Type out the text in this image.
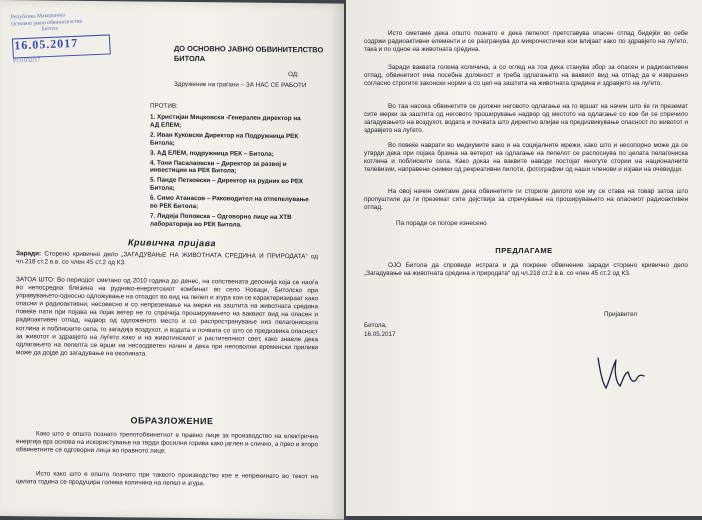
Република Македонија
Основно јавно обвинителство
Битола
16.05.2017
РО1032/17
ДО ОСНОВНО ЈАВНО ОБВИНИТЕЛСТВО
БИТОЛА
ОД:
Здружение на граѓани – ЗА НАС СЕ РАБОТИ
ПРОТИВ:
1. Христијан Мицковски -Генерален директор на АД ЕЛЕМ;
2. Иван Куковски Директор на Подружница РЕК Битола;
3. АД ЕЛЕМ, подружница РЕК – Битола;
4. Тони Пасалаовски – Директор за развој и инвестиции на РЕК Битола;
5. Панде Петковски – Директор на рудник во РЕК Битола;
6. Симо Атанасов – Раководител на отпепелување во РЕК Битола;
7. Лидија Поповска – Одговорно лице на ХТВ лабораторија во РЕК Битола.
Кривична пријава
Заради: Сторено кривично дело „ЗАГАДУВАЊЕ НА ЖИВОТНАТА СРЕДИНА И ПРИРОДАТА“ од чл.218 ст.2 в.в. со член 45 ст.2 од КЗ.
ЗАТОА ШТО: Во периодот сметано од 2010 година до денес, на сопствената депонија која се наоѓа во непосредна близина на руднико-енергетскиот комбинат во село Новаци, Битолско при управувањето-односно одложување на отпадот во вид на пепел и згура кои се карактеризираат како опасни и радиоактивни, несовесно и со непреземање на мерки на заштита на животната средина повеќе пати при појава на појак ветер не го спречија проширувањето на ваквиот вид на опасен и радиоактивен отпад, надвор од одложеното место и со распространување низ пелагониската котлина и поблиските села, го загадија воздухот, и водата и почвата со што се предизвика опасност за животот и здравјето на луѓето како и на животинскиот и растителниот свет, како знаеле дека одлагањето на пепелта се врши на несоодветен начин и дека при неповолни временски прилики може да дојде до загадување на околината.
ОБРАЗЛОЖЕНИЕ
Како што е општо познато трепотобвинетнот е правно лице за производство на електрична енергија врз основа на искористување на тврди фосилни горива како јаглен и слично, а прво и второ обвинетните се одговорни лица во правното лице.
Исто како што е општо познато при таквото производство кое е непрекинато во текот на целата година се продуцира голема количина на пепел и згура.
Исто сметаме дека општо познато е дека пепелот претставува опасен отпад бидејќи во себе содржи радиоактивни елементи и се разгранува до микрочестички кои влијаат како по здравјето на луѓето, така и по одное на животната средина.
Заради ваквата голема количина, а со оглед на тоа дека станува збор за опасен и радиоактивен отпад, обвинетиот има посебна должност и треба одлагањето на ваквиот вид на отпад да е извршено согласно строгите законски норми а со цел на заштита на животната средина и здравјето на луѓето.
Во таа насока обвинетите се должни неговото одлагање на го вршат на начин што ќе ги преземат сите мерки за заштита од неговото проширување надвор од местото на одлагање со кое би се спречило загадувањето на воздухот, водата и почвата што директно влијае на предизвикување опасност по животот и здравјето на луѓето.
Во повеќе наврати во медиумите како и на социјалните мрежи, како што и несопорно може да се утврди дека при појака брзина на ветерот на одлагање на пепелот се распоснува по целата пелагониска котлина и поблиските села. Како доказ на ваквите наводи постојат многуте стории на националните телевизии, направени снимки од рекреативни пилоти, фотографии од наши членови и изјави на очевидци.
На овој начин сметаме дека обвинетите ги сториле делото кое му се става на товар затоа што пропуштиле да ги преземат сите дејствија за спречување на проширувањето на опасниот радиоактивен отпад.
Па поради се погоре изнесено
ПРЕДЛАГАМЕ
ОЈО Битола да спроведе истрага и да покрене обвинение заради сторено кривично дело „Загадување на животната средина и природата“ од чл.218 ст.2 в.в. со член 45 ст.2 од КЗ.
Битола,
16.05.2017
Пријавител
